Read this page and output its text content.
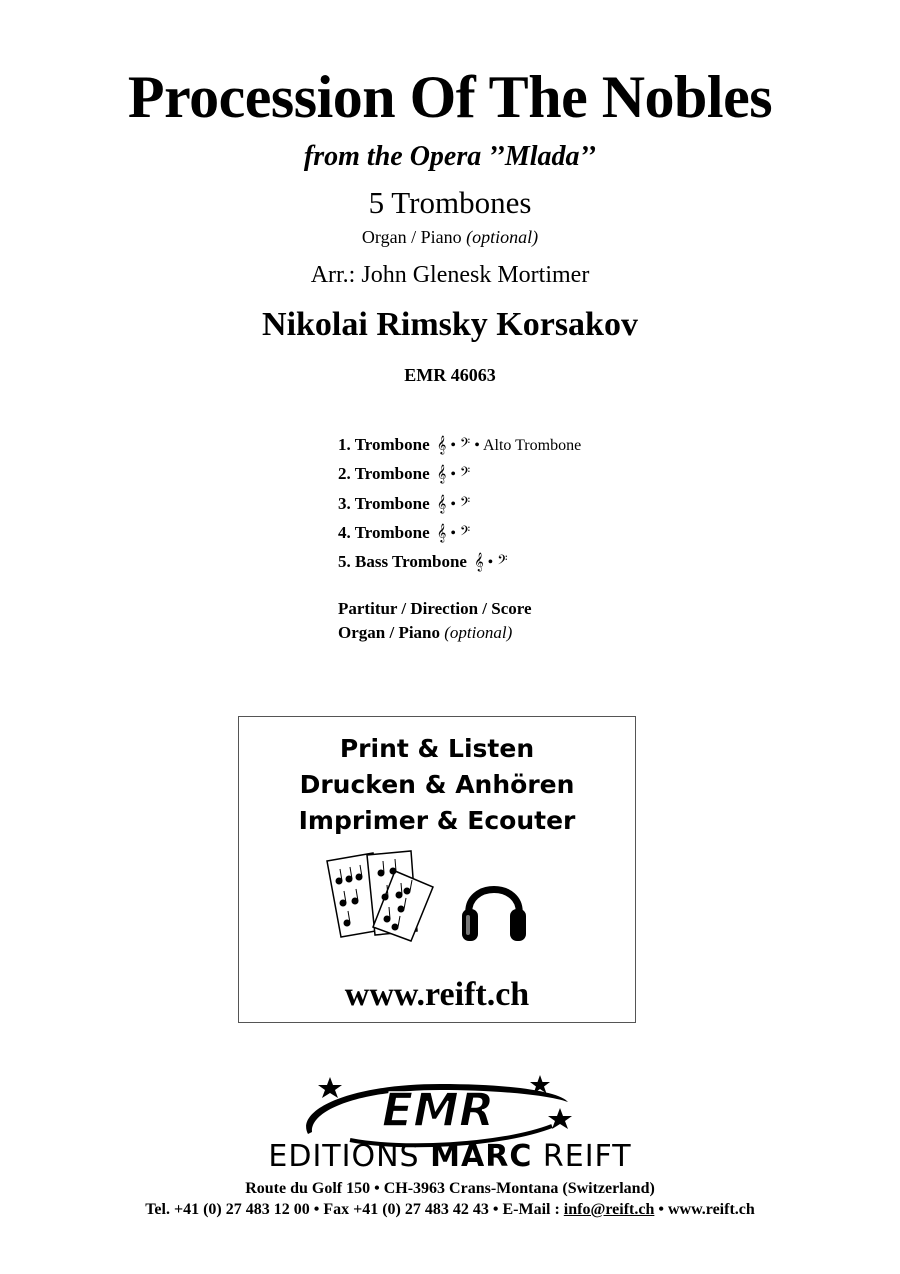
Procession Of The Nobles
from the Opera ’’Mlada’’
5 Trombones
Organ / Piano (optional)
Arr.: John Glenesk Mortimer
Nikolai Rimsky Korsakov
EMR 46063
1. Trombone 𝄞 • 𝄢 • Alto Trombone
2. Trombone 𝄞 • 𝄢
3. Trombone 𝄞 • 𝄢
4. Trombone 𝄞 • 𝄢
5. Bass Trombone 𝄞 • 𝄢
Partitur / Direction / Score
Organ / Piano (optional)
Print & Listen
Drucken & Anhören
Imprimer & Ecouter
www.reift.ch
EMR
EDITIONS MARC REIFT
Route du Golf 150 • CH-3963 Crans-Montana (Switzerland)
Tel. +41 (0) 27 483 12 00 • Fax +41 (0) 27 483 42 43 • E-Mail : info@reift.ch • www.reift.ch
